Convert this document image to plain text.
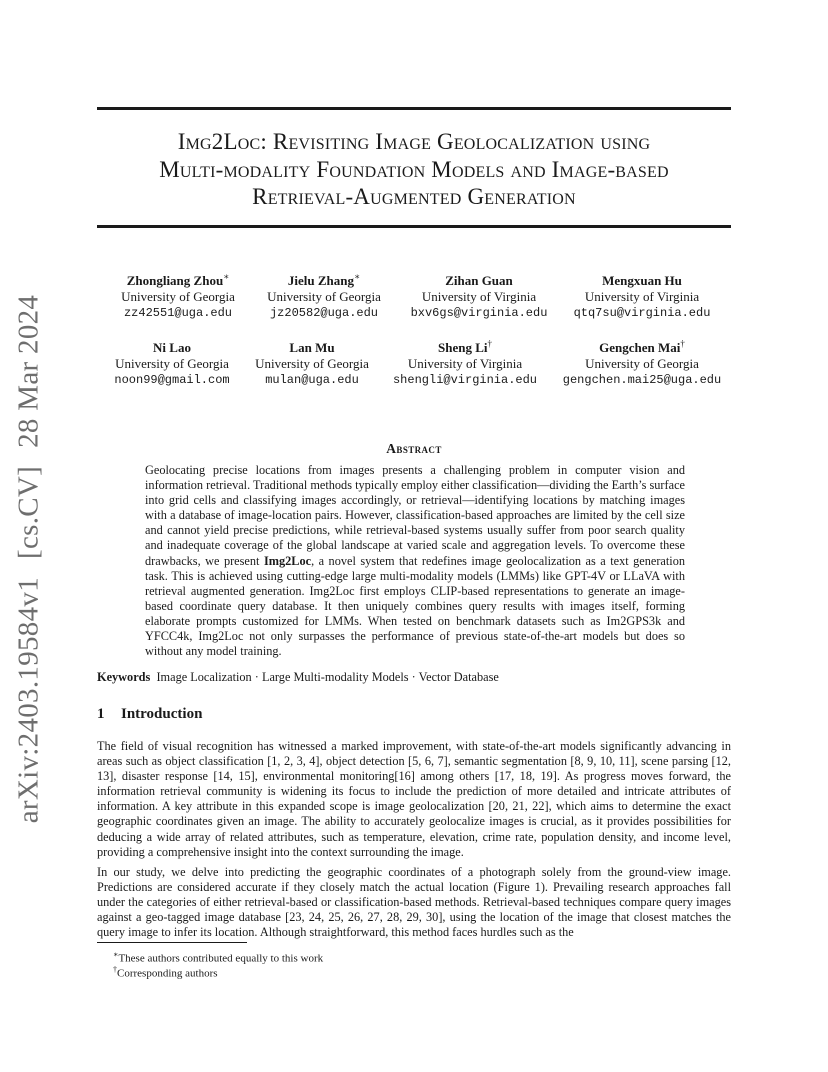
arXiv:2403.19584v1[cs.CV]28 Mar 2024
Img2Loc: Revisiting Image Geolocalization using
Multi-modality Foundation Models and Image-based
Retrieval-Augmented Generation
Zhongliang Zhou∗
University of Georgia
zz42551@uga.edu
Jielu Zhang∗
University of Georgia
jz20582@uga.edu
Zihan Guan
University of Virginia
bxv6gs@virginia.edu
Mengxuan Hu
University of Virginia
qtq7su@virginia.edu
Ni Lao
University of Georgia
noon99@gmail.com
Lan Mu
University of Georgia
mulan@uga.edu
Sheng Li†
University of Virginia
shengli@virginia.edu
Gengchen Mai†
University of Georgia
gengchen.mai25@uga.edu
Abstract
Geolocating precise locations from images presents a challenging problem in computer vision and information retrieval. Traditional methods typically employ either classification—dividing the Earth’s surface into grid cells and classifying images accordingly, or retrieval—identifying locations by matching images with a database of image-location pairs. However, classification-based approaches are limited by the cell size and cannot yield precise predictions, while retrieval-based systems usually suffer from poor search quality and inadequate coverage of the global landscape at varied scale and aggregation levels. To overcome these drawbacks, we present Img2Loc, a novel system that redefines image geolocalization as a text generation task. This is achieved using cutting-edge large multi-modality models (LMMs) like GPT-4V or LLaVA with retrieval augmented generation. Img2Loc first employs CLIP-based representations to generate an image-based coordinate query database. It then uniquely combines query results with images itself, forming elaborate prompts customized for LMMs. When tested on benchmark datasets such as Im2GPS3k and YFCC4k, Img2Loc not only surpasses the performance of previous state-of-the-art models but does so without any model training.
Keywords Image Localization · Large Multi-modality Models · Vector Database
1 Introduction
The field of visual recognition has witnessed a marked improvement, with state-of-the-art models significantly advancing in areas such as object classification [1, 2, 3, 4], object detection [5, 6, 7], semantic segmentation [8, 9, 10, 11], scene parsing [12, 13], disaster response [14, 15], environmental monitoring[16] among others [17, 18, 19]. As progress moves forward, the information retrieval community is widening its focus to include the prediction of more detailed and intricate attributes of information. A key attribute in this expanded scope is image geolocalization [20, 21, 22], which aims to determine the exact geographic coordinates given an image. The ability to accurately geolocalize images is crucial, as it provides possibilities for deducing a wide array of related attributes, such as temperature, elevation, crime rate, population density, and income level, providing a comprehensive insight into the context surrounding the image.
In our study, we delve into predicting the geographic coordinates of a photograph solely from the ground-view image. Predictions are considered accurate if they closely match the actual location (Figure 1). Prevailing research approaches fall under the categories of either retrieval-based or classification-based methods. Retrieval-based techniques compare query images against a geo-tagged image database [23, 24, 25, 26, 27, 28, 29, 30], using the location of the image that closest matches the query image to infer its location. Although straightforward, this method faces hurdles such as the
∗These authors contributed equally to this work
†Corresponding authors
